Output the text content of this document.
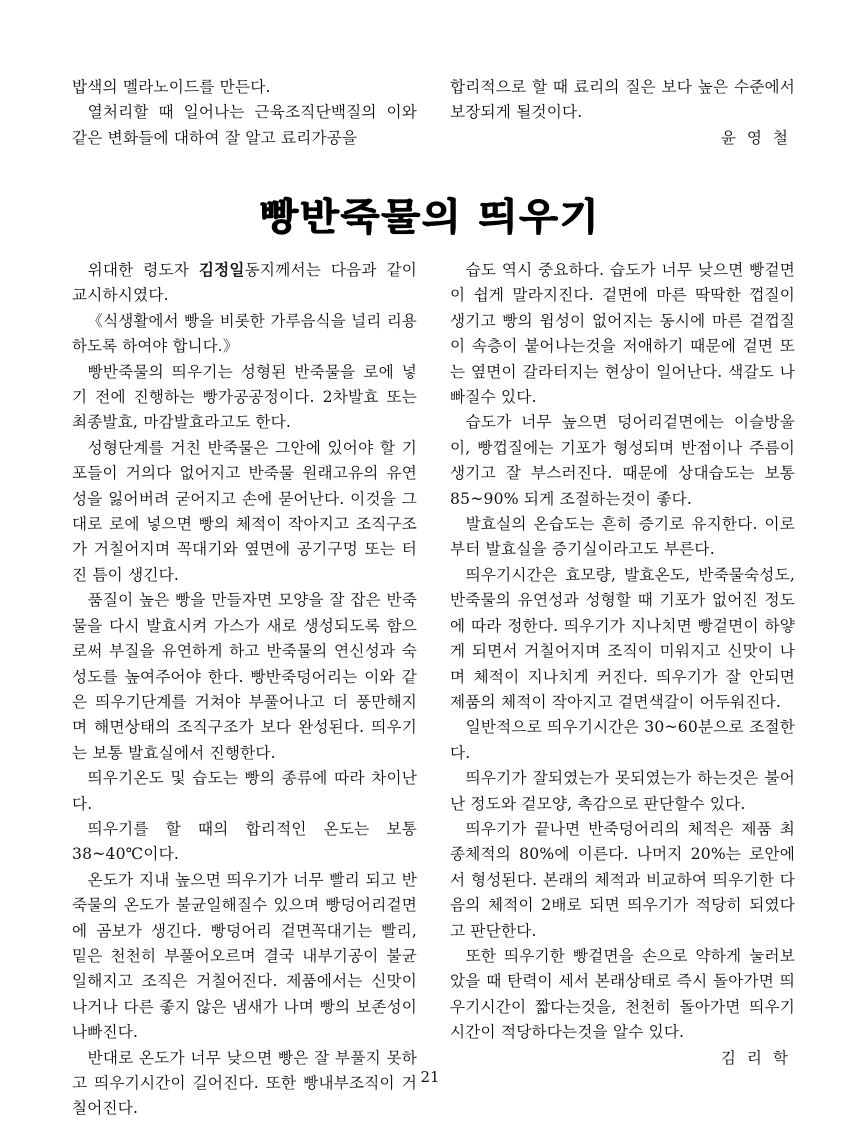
밥색의 멜라노이드를 만든다.

열처리할 때 일어나는 근육조직단백질의 이와 같은 변화들에 대하여 잘 알고 료리가공을

합리적으로 할 때 료리의 질은 보다 높은 수준에서 보장되게 될것이다.

윤 영 철
빵반죽물의 띄우기

위대한 령도자 김정일동지께서는 다음과 같이 교시하시였다.

《식생활에서 빵을 비롯한 가루음식을 널리 리용하도록 하여야 합니다.》

빵반죽물의 띄우기는 성형된 반죽물을 로에 넣기 전에 진행하는 빵가공공정이다. 2차발효 또는 최종발효, 마감발효라고도 한다.

성형단계를 거친 반죽물은 그안에 있어야 할 기포들이 거의다 없어지고 반죽물 원래고유의 유연성을 잃어버려 굳어지고 손에 묻어난다. 이것을 그대로 로에 넣으면 빵의 체적이 작아지고 조직구조가 거칠어지며 꼭대기와 옆면에 공기구멍 또는 터진 틈이 생긴다.

품질이 높은 빵을 만들자면 모양을 잘 잡은 반죽물을 다시 발효시켜 가스가 새로 생성되도록 함으로써 부질을 유연하게 하고 반죽물의 연신성과 숙성도를 높여주어야 한다. 빵반죽덩어리는 이와 같은 띄우기단계를 거쳐야 부풀어나고 더 풍만해지며 해면상태의 조직구조가 보다 완성된다. 띄우기는 보통 발효실에서 진행한다.

띄우기온도 및 습도는 빵의 종류에 따라 차이난다.

띄우기를 할 때의 합리적인 온도는 보통 38~40℃이다.

온도가 지내 높으면 띄우기가 너무 빨리 되고 반죽물의 온도가 불균일해질수 있으며 빵덩어리겉면에 곰보가 생긴다. 빵덩어리 겉면꼭대기는 빨리, 밑은 천천히 부풀어오르며 결국 내부기공이 불균일해지고 조직은 거칠어진다. 제품에서는 신맛이 나거나 다른 좋지 않은 냄새가 나며 빵의 보존성이 나빠진다.

반대로 온도가 너무 낮으면 빵은 잘 부풀지 못하고 띄우기시간이 길어진다. 또한 빵내부조직이 거칠어진다.

습도 역시 중요하다. 습도가 너무 낮으면 빵겉면이 쉽게 말라지진다. 겉면에 마른 딱딱한 껍질이 생기고 빵의 윔성이 없어지는 동시에 마른 겉껍질이 속층이 붙어나는것을 저애하기 때문에 겉면 또는 옆면이 갈라터지는 현상이 일어난다. 색갈도 나빠질수 있다.

습도가 너무 높으면 덩어리겉면에는 이슬방울이, 빵껍질에는 기포가 형성되며 반점이나 주름이 생기고 잘 부스러진다. 때문에 상대습도는 보통 85~90% 되게 조절하는것이 좋다.

발효실의 온습도는 흔히 증기로 유지한다. 이로부터 발효실을 증기실이라고도 부른다.

띄우기시간은 효모량, 발효온도, 반죽물숙성도, 반죽물의 유연성과 성형할 때 기포가 없어진 정도에 따라 정한다. 띄우기가 지나치면 빵겉면이 하얗게 되면서 거칠어지며 조직이 미워지고 신맛이 나며 체적이 지나치게 커진다. 띄우기가 잘 안되면 제품의 체적이 작아지고 겉면색갈이 어두워진다.

일반적으로 띄우기시간은 30~60분으로 조절한다.

띄우기가 잘되였는가 못되였는가 하는것은 불어난 정도와 겉모양, 촉감으로 판단할수 있다.

띄우기가 끝나면 반죽덩어리의 체적은 제품 최종체적의 80%에 이른다. 나머지 20%는 로안에서 형성된다. 본래의 체적과 비교하여 띄우기한 다음의 체적이 2배로 되면 띄우기가 적당히 되였다고 판단한다.

또한 띄우기한 빵겉면을 손으로 약하게 눌러보았을 때 탄력이 세서 본래상태로 즉시 돌아가면 띄우기시간이 짧다는것을, 천천히 돌아가면 띄우기시간이 적당하다는것을 알수 있다.

김 리 학
21
